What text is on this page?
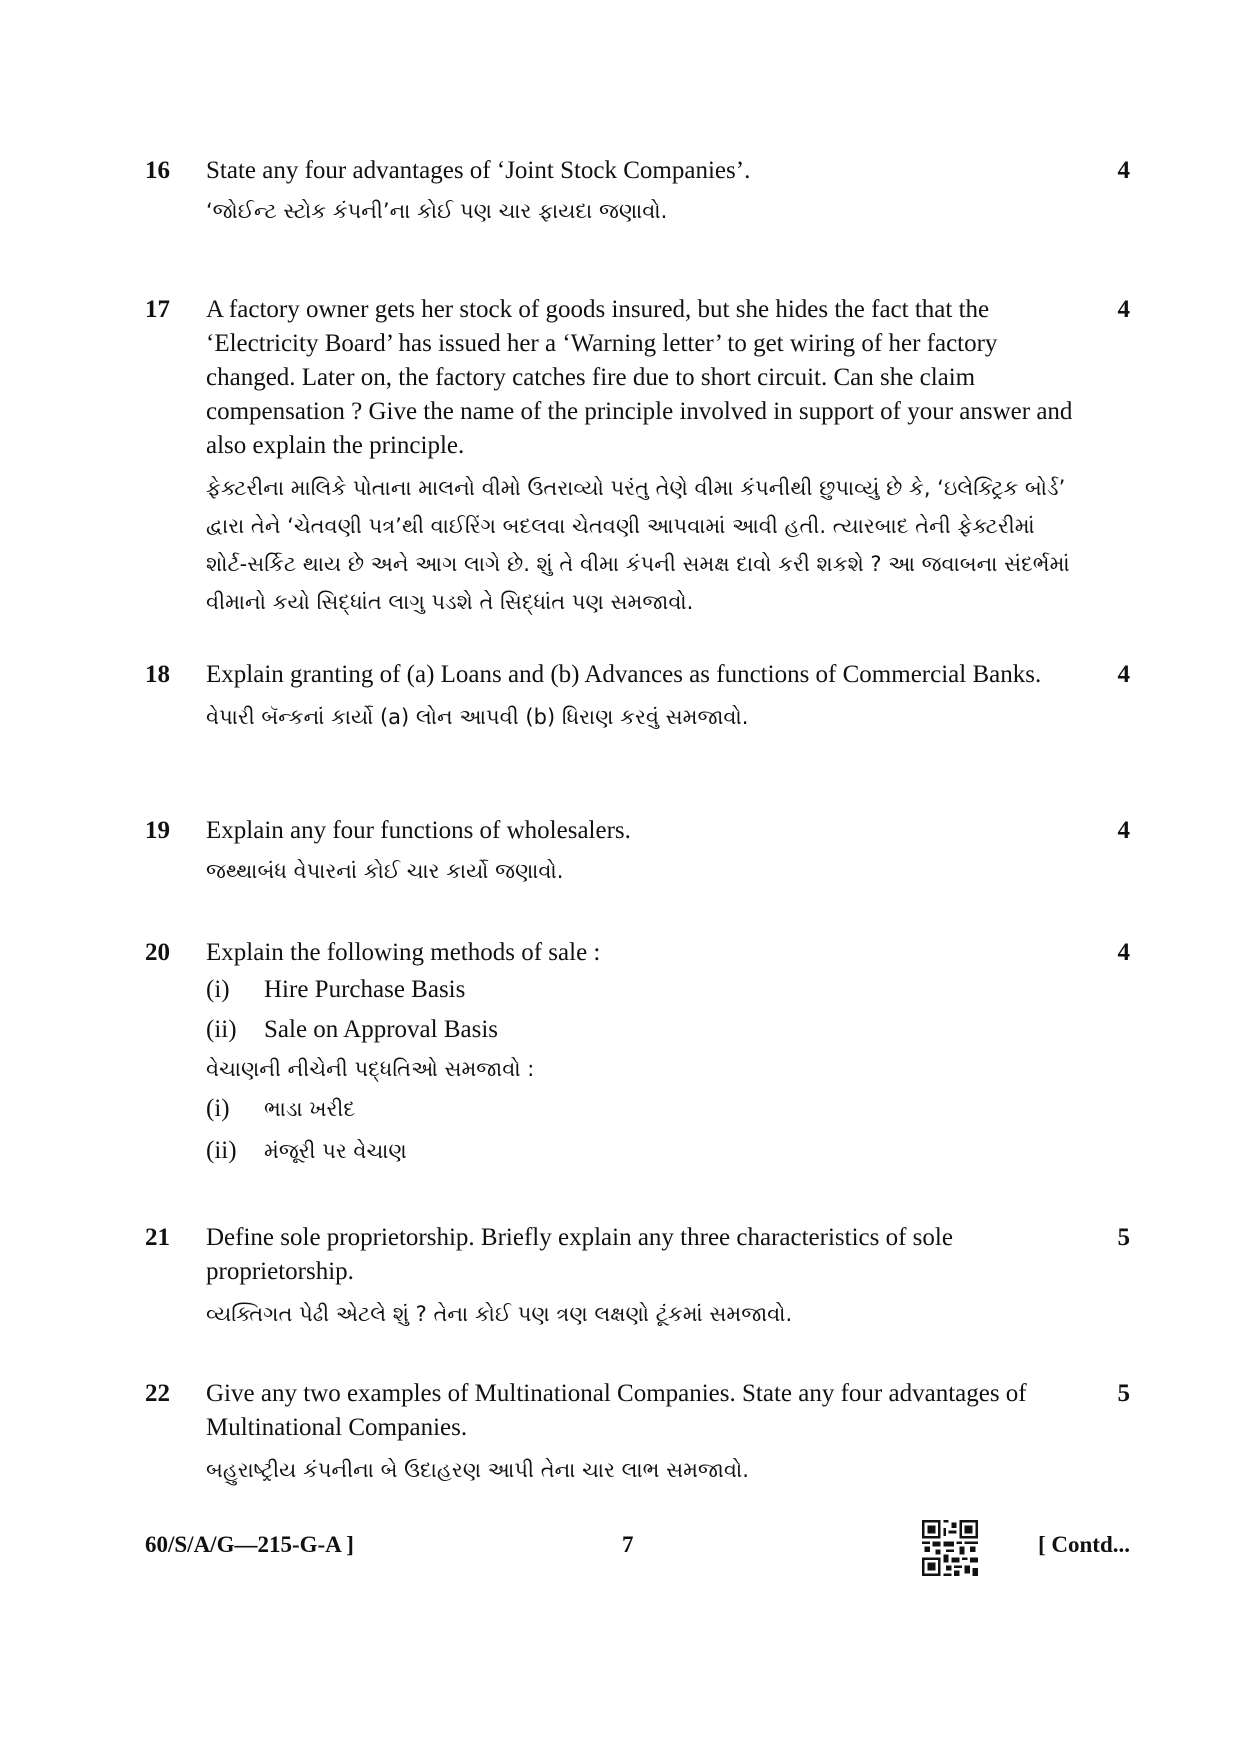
16	4

State any four advantages of ‘Joint Stock Companies’.

‘જોઈન્ટ સ્ટોક કંપની’ના કોઈ પણ ચાર ફાયદા જણાવો.

17	4

A factory owner gets her stock of goods insured, but she hides the fact that the ‘Electricity Board’ has issued her a ‘Warning letter’ to get wiring of her factory changed. Later on, the factory catches fire due to short circuit. Can she claim compensation ? Give the name of the principle involved in support of your answer and also explain the principle.

ફેક્ટરીના માલિકે પોતાના માલનો વીમો ઉતરાવ્યો પરંતુ તેણે વીમા કંપનીથી છુપાવ્યું છે કે, ‘ઇલેક્ટ્રિક બોર્ડ’ દ્વારા તેને ‘ચેતવણી પત્ર’થી વાઈરિંગ બદલવા ચેતવણી આપવામાં આવી હતી. ત્યારબાદ તેની ફેક્ટરીમાં શોર્ટ-સર્કિટ થાય છે અને આગ લાગે છે. શું તે વીમા કંપની સમક્ષ દાવો કરી શકશે ? આ જવાબના સંદર્ભમાં વીમાનો કયો સિદ્ધાંત લાગુ પડશે તે સિદ્ધાંત પણ સમજાવો.

18	4

Explain granting of (a) Loans and (b) Advances as functions of Commercial Banks.

વેપારી બૅન્કનાં કાર્યો (a) લોન આપવી (b) ધિરાણ કરવું સમજાવો.

19	4

Explain any four functions of wholesalers.

જથ્થાબંધ વેપારનાં કોઈ ચાર કાર્યો જણાવો.

20	4

Explain the following methods of sale :

(i)	Hire Purchase Basis
(ii)	Sale on Approval Basis

વેચાણની નીચેની પદ્ધતિઓ સમજાવો :

(i)	ભાડા ખરીદ
(ii)	મંજૂરી પર વેચાણ
21	5

Define sole proprietorship. Briefly explain any three characteristics of sole proprietorship.

વ્યક્તિગત પેઢી એટલે શું ? તેના કોઈ પણ ત્રણ લક્ષણો ટૂંકમાં સમજાવો.

22	5

Give any two examples of Multinational Companies. State any four advantages of Multinational Companies.

બહુરાષ્ટ્રીય કંપનીના બે ઉદાહરણ આપી તેના ચાર લાભ સમજાવો.

60/S/A/G—215-G-A ]	7	[ Contd...
